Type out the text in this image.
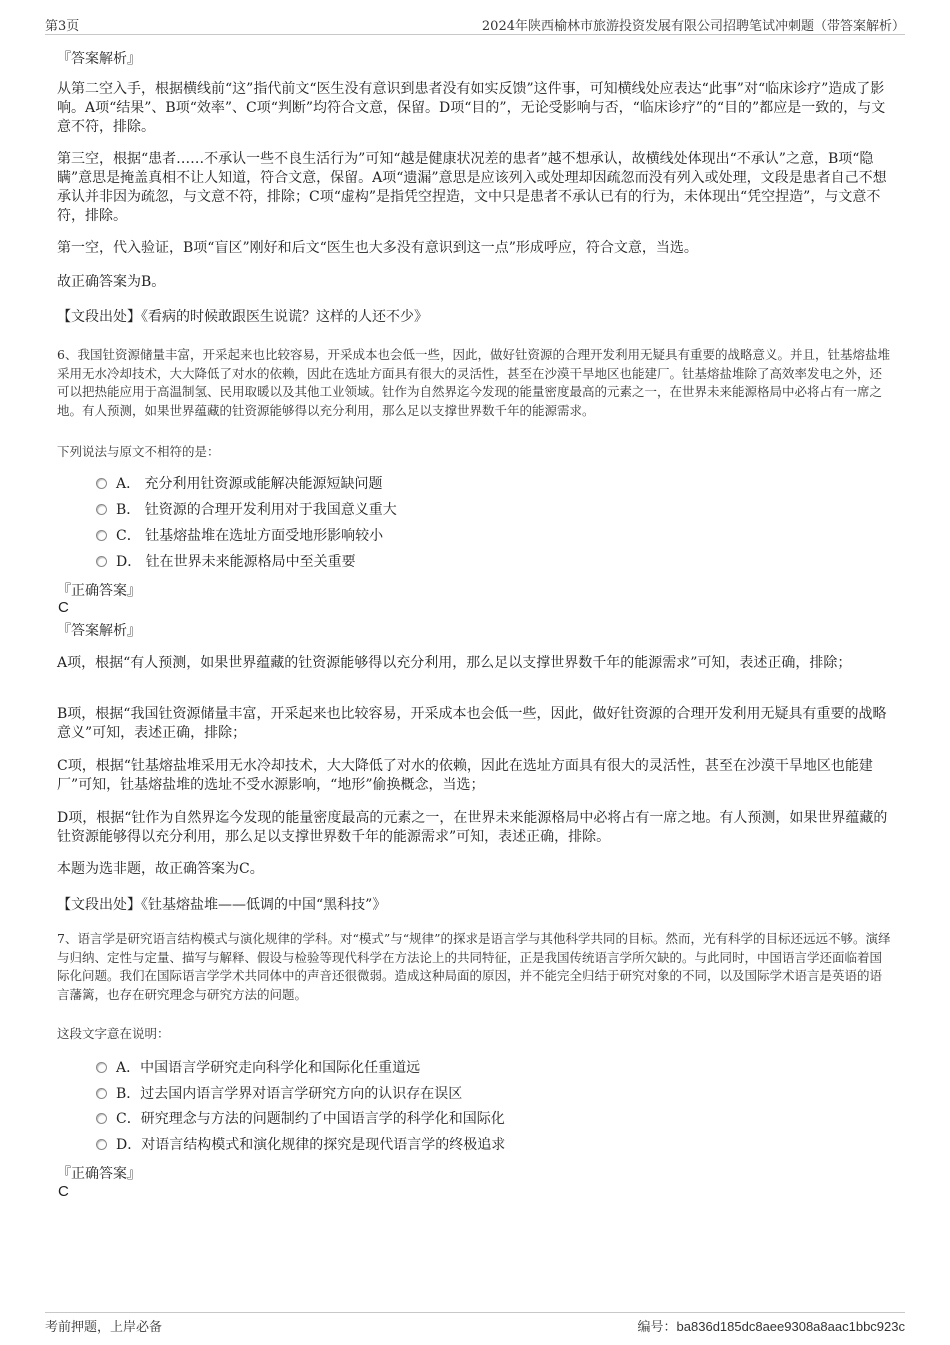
第3页	2024年陕西榆林市旅游投资发展有限公司招聘笔试冲刺题（带答案解析）
『答案解析』
从第二空入手，根据横线前“这”指代前文“医生没有意识到患者没有如实反馈”这件事，可知横线处应表达“此事”对“临床诊疗”造成了影响。A项“结果”、B项“效率”、C项“判断”均符合文意，保留。D项“目的”，无论受影响与否，“临床诊疗”的“目的”都应是一致的，与文意不符，排除。
第三空，根据“患者……不承认一些不良生活行为”可知“越是健康状况差的患者”越不想承认，故横线处体现出“不承认”之意，B项“隐瞒”意思是掩盖真相不让人知道，符合文意，保留。A项“遗漏”意思是应该列入或处理却因疏忽而没有列入或处理，文段是患者自己不想承认并非因为疏忽，与文意不符，排除；C项“虚构”是指凭空捏造，文中只是患者不承认已有的行为，未体现出“凭空捏造”，与文意不符，排除。
第一空，代入验证，B项“盲区”刚好和后文“医生也大多没有意识到这一点”形成呼应，符合文意，当选。
故正确答案为B。
【文段出处】《看病的时候敢跟医生说谎？这样的人还不少》
6、我国钍资源储量丰富，开采起来也比较容易，开采成本也会低一些，因此，做好钍资源的合理开发利用无疑具有重要的战略意义。并且，钍基熔盐堆采用无水冷却技术，大大降低了对水的依赖，因此在选址方面具有很大的灵活性，甚至在沙漠干旱地区也能建厂。钍基熔盐堆除了高效率发电之外，还可以把热能应用于高温制氢、民用取暖以及其他工业领域。钍作为自然界迄今发现的能量密度最高的元素之一，在世界未来能源格局中必将占有一席之地。有人预测，如果世界蕴藏的钍资源能够得以充分利用，那么足以支撑世界数千年的能源需求。
下列说法与原文不相符的是：
A． 充分利用钍资源或能解决能源短缺问题
B． 钍资源的合理开发利用对于我国意义重大
C． 钍基熔盐堆在选址方面受地形影响较小
D． 钍在世界未来能源格局中至关重要
『正确答案』
C
『答案解析』
A项，根据“有人预测，如果世界蕴藏的钍资源能够得以充分利用，那么足以支撑世界数千年的能源需求”可知，表述正确，排除；
B项，根据“我国钍资源储量丰富，开采起来也比较容易，开采成本也会低一些，因此，做好钍资源的合理开发利用无疑具有重要的战略意义”可知，表述正确，排除；
C项，根据“钍基熔盐堆采用无水冷却技术，大大降低了对水的依赖，因此在选址方面具有很大的灵活性，甚至在沙漠干旱地区也能建厂”可知，钍基熔盐堆的选址不受水源影响，“地形”偷换概念，当选；
D项，根据“钍作为自然界迄今发现的能量密度最高的元素之一，在世界未来能源格局中必将占有一席之地。有人预测，如果世界蕴藏的钍资源能够得以充分利用，那么足以支撑世界数千年的能源需求”可知，表述正确，排除。
本题为选非题，故正确答案为C。
【文段出处】《钍基熔盐堆——低调的中国“黑科技”》
7、语言学是研究语言结构模式与演化规律的学科。对“模式”与“规律”的探求是语言学与其他科学共同的目标。然而，光有科学的目标还远远不够。演绎与归纳、定性与定量、描写与解释、假设与检验等现代科学在方法论上的共同特征，正是我国传统语言学所欠缺的。与此同时，中国语言学还面临着国际化问题。我们在国际语言学学术共同体中的声音还很微弱。造成这种局面的原因，并不能完全归结于研究对象的不同，以及国际学术语言是英语的语言藩篱，也存在研究理念与研究方法的问题。
这段文字意在说明：
A．中国语言学研究走向科学化和国际化任重道远
B．过去国内语言学界对语言学研究方向的认识存在误区
C．研究理念与方法的问题制约了中国语言学的科学化和国际化
D．对语言结构模式和演化规律的探究是现代语言学的终极追求
『正确答案』
C
考前押题，上岸必备	编号：ba836d185dc8aee9308a8aac1bbc923c
